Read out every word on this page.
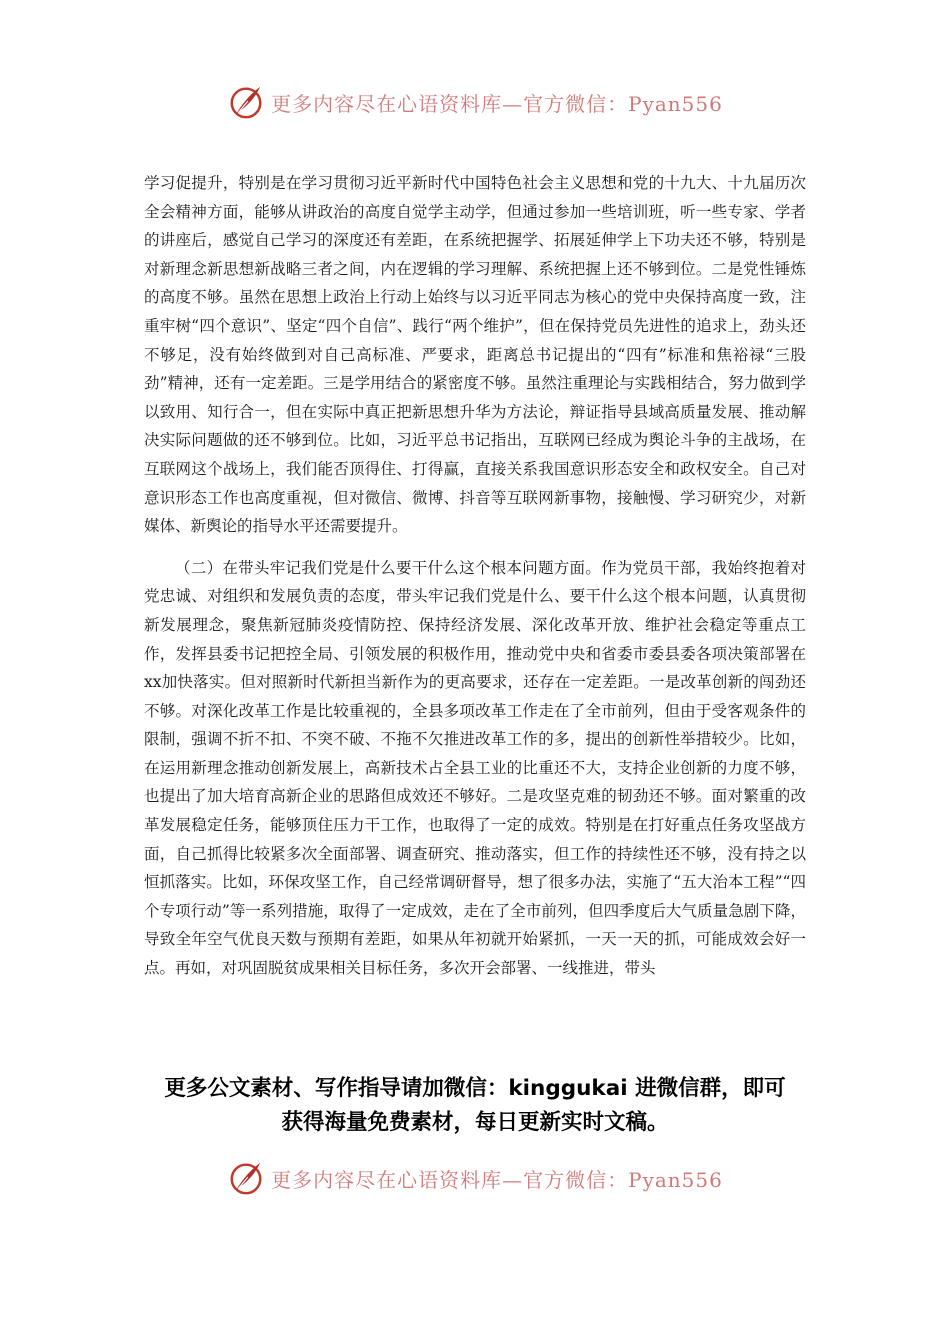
更多内容尽在心语资料库—官方微信：Pyan556

学习促提升，特别是在学习贯彻习近平新时代中国特色社会主义思想和党的十九大、十九届历次全会精神方面，能够从讲政治的高度自觉学主动学，但通过参加一些培训班，听一些专家、学者的讲座后，感觉自己学习的深度还有差距，在系统把握学、拓展延伸学上下功夫还不够，特别是对新理念新思想新战略三者之间，内在逻辑的学习理解、系统把握上还不够到位。二是党性锤炼的高度不够。虽然在思想上政治上行动上始终与以习近平同志为核心的党中央保持高度一致，注重牢树“四个意识”、坚定“四个自信”、践行“两个维护”，但在保持党员先进性的追求上，劲头还不够足，没有始终做到对自己高标准、严要求，距离总书记提出的“四有”标准和焦裕禄“三股劲”精神，还有一定差距。三是学用结合的紧密度不够。虽然注重理论与实践相结合，努力做到学以致用、知行合一，但在实际中真正把新思想升华为方法论，辩证指导县域高质量发展、推动解决实际问题做的还不够到位。比如，习近平总书记指出，互联网已经成为舆论斗争的主战场，在互联网这个战场上，我们能否顶得住、打得赢，直接关系我国意识形态安全和政权安全。自己对意识形态工作也高度重视，但对微信、微博、抖音等互联网新事物，接触慢、学习研究少，对新媒体、新舆论的指导水平还需要提升。

（二）在带头牢记我们党是什么要干什么这个根本问题方面。作为党员干部，我始终抱着对党忠诚、对组织和发展负责的态度，带头牢记我们党是什么、要干什么这个根本问题，认真贯彻新发展理念，聚焦新冠肺炎疫情防控、保持经济发展、深化改革开放、维护社会稳定等重点工作，发挥县委书记把控全局、引领发展的积极作用，推动党中央和省委市委县委各项决策部署在xx加快落实。但对照新时代新担当新作为的更高要求，还存在一定差距。一是改革创新的闯劲还不够。对深化改革工作是比较重视的，全县多项改革工作走在了全市前列，但由于受客观条件的限制，强调不折不扣、不突不破、不拖不欠推进改革工作的多，提出的创新性举措较少。比如，在运用新理念推动创新发展上，高新技术占全县工业的比重还不大，支持企业创新的力度不够，也提出了加大培育高新企业的思路但成效还不够好。二是攻坚克难的韧劲还不够。面对繁重的改革发展稳定任务，能够顶住压力干工作，也取得了一定的成效。特别是在打好重点任务攻坚战方面，自己抓得比较紧多次全面部署、调查研究、推动落实，但工作的持续性还不够，没有持之以恒抓落实。比如，环保攻坚工作，自己经常调研督导，想了很多办法，实施了“五大治本工程”“四个专项行动”等一系列措施，取得了一定成效，走在了全市前列，但四季度后大气质量急剧下降，导致全年空气优良天数与预期有差距，如果从年初就开始紧抓，一天一天的抓，可能成效会好一点。再如，对巩固脱贫成果相关目标任务，多次开会部署、一线推进，带头

更多公文素材、写作指导请加微信：kinggukai 进微信群，即可
获得海量免费素材，每日更新实时文稿。
更多内容尽在心语资料库—官方微信：Pyan556
